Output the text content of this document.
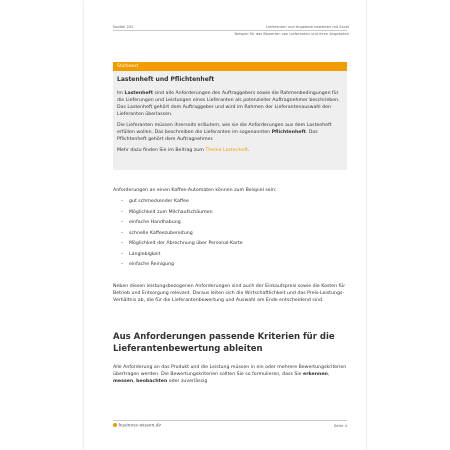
Kapitel 202	Lieferanten und Angebote bewerten mit Excel
Beispiel für das Bewerten von Lieferanten und ihren Angeboten
Stichwort
Lastenheft und Pflichtenheft

Im Lastenheft sind alle Anforderungen des Auftraggebers sowie die Rahmenbedingungen für die Lieferungen und Leistungen eines Lieferanten als potenzieller Auftragnehmer beschrieben. Das Lastenheft gehört dem Auftraggeber und wird im Rahmen der Lieferantenauswahl den Lieferanten überlassen.

Die Lieferanten müssen ihrerseits erläutern, wie sie die Anforderungen aus dem Lastenheft erfüllen wollen. Das beschreiben die Lieferanten im sogenannten Pflichtenheft. Das Pflichtenheft gehört dem Auftragnehmer.

Mehr dazu finden Sie im Beitrag zum Thema Lastenheft.

Anforderungen an einen Kaffee-Automaten können zum Beispiel sein:
– gut schmeckender Kaffee
– Möglichkeit zum Milchaufschäumen
– einfache Handhabung
– schnelle Kaffeezubereitung
– Möglichkeit der Abrechnung über Personal-Karte
– Langlebigkeit
– einfache Reinigung
Neben diesen leistungsbezogenen Anforderungen sind auch der Einkaufspreis sowie die Kosten für Betrieb und Entsorgung relevant. Daraus leiten sich die Wirtschaftlichkeit und das Preis-Leistungs-Verhältnis ab, die für die Lieferantenbewertung und Auswahl am Ende entscheidend sind.
Aus Anforderungen passende Kriterien für die Lieferantenbewertung ableiten
Alle Anforderung an das Produkt und die Leistung müssen in ein oder mehrere Bewertungskriterien übertragen werden. Die Bewertungskriterien sollten Sie so formulieren, dass Sie erkennen, messen, beobachten oder zuverlässig
business-wissen.de	Seite 4
